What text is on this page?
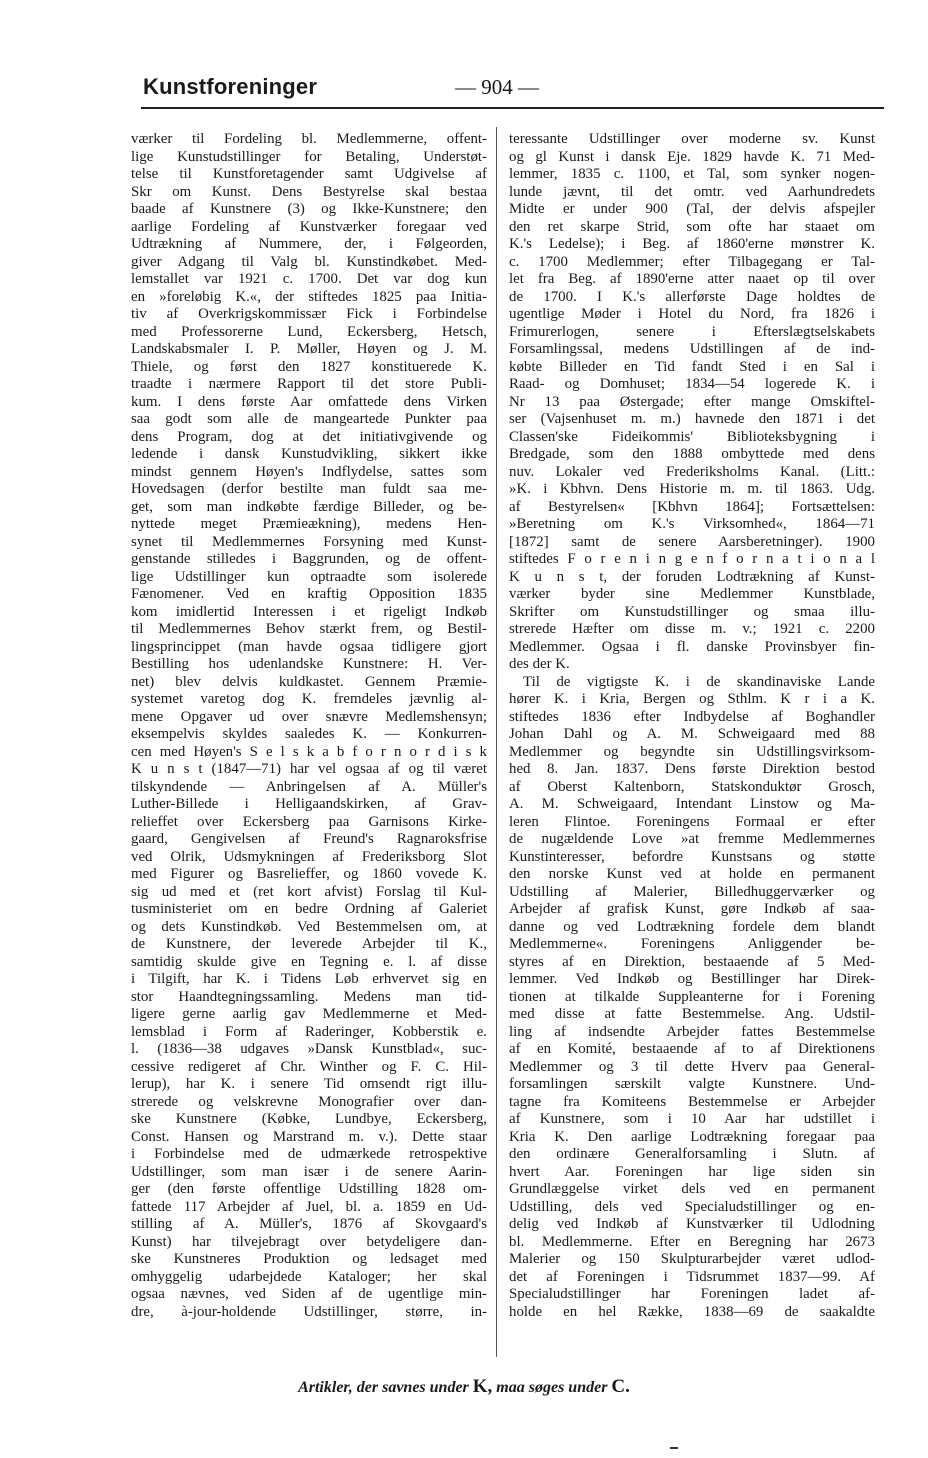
Kunstforeninger	— 904 —
værker til Fordeling bl. Medlemmerne, offent-
lige Kunstudstillinger for Betaling, Understøt-
telse til Kunstforetagender samt Udgivelse af
Skr om Kunst. Dens Bestyrelse skal bestaa
baade af Kunstnere (3) og Ikke-Kunstnere; den
aarlige Fordeling af Kunstværker foregaar ved
Udtrækning af Nummere, der, i Følgeorden,
giver Adgang til Valg bl. Kunstindkøbet. Med-
lemstallet var 1921 c. 1700. Det var dog kun
en »foreløbig K.«, der stiftedes 1825 paa Initia-
tiv af Overkrigskommissær Fick i Forbindelse
med Professorerne Lund, Eckersberg, Hetsch,
Landskabsmaler I. P. Møller, Høyen og J. M.
Thiele, og først den 1827 konstituerede K.
traadte i nærmere Rapport til det store Publi-
kum. I dens første Aar omfattede dens Virken
saa godt som alle de mangeartede Punkter paa
dens Program, dog at det initiativgivende og
ledende i dansk Kunstudvikling, sikkert ikke
mindst gennem Høyen's Indflydelse, sattes som
Hovedsagen (derfor bestilte man fuldt saa me-
get, som man indkøbte færdige Billeder, og be-
nyttede meget Præmieækning), medens Hen-
synet til Medlemmernes Forsyning med Kunst-
genstande stilledes i Baggrunden, og de offent-
lige Udstillinger kun optraadte som isolerede
Fænomener. Ved en kraftig Opposition 1835
kom imidlertid Interessen i et rigeligt Indkøb
til Medlemmernes Behov stærkt frem, og Bestil-
lingsprincippet (man havde ogsaa tidligere gjort
Bestilling hos udenlandske Kunstnere: H. Ver-
net) blev delvis kuldkastet. Gennem Præmie-
systemet varetog dog K. fremdeles jævnlig al-
mene Opgaver ud over snævre Medlemshensyn;
eksempelvis skyldes saaledes K. — Konkurren-
cen med Høyen's S e l s k a b f o r n o r d i s k
K u n s t (1847—71) har vel ogsaa af og til været
tilskyndende — Anbringelsen af A. Müller's
Luther-Billede i Helligaandskirken, af Grav-
relieffet over Eckersberg paa Garnisons Kirke-
gaard, Gengivelsen af Freund's Ragnaroksfrise
ved Olrik, Udsmykningen af Frederiksborg Slot
med Figurer og Basrelieffer, og 1860 vovede K.
sig ud med et (ret kort afvist) Forslag til Kul-
tusministeriet om en bedre Ordning af Galeriet
og dets Kunstindkøb. Ved Bestemmelsen om, at
de Kunstnere, der leverede Arbejder til K.,
samtidig skulde give en Tegning e. l. af disse
i Tilgift, har K. i Tidens Løb erhvervet sig en
stor Haandtegningssamling. Medens man tid-
ligere gerne aarlig gav Medlemmerne et Med-
lemsblad i Form af Raderinger, Kobberstik e.
l. (1836—38 udgaves »Dansk Kunstblad«, suc-
cessive redigeret af Chr. Winther og F. C. Hil-
lerup), har K. i senere Tid omsendt rigt illu-
strerede og velskrevne Monografier over dan-
ske Kunstnere (Købke, Lundbye, Eckersberg,
Const. Hansen og Marstrand m. v.). Dette staar
i Forbindelse med de udmærkede retrospektive
Udstillinger, som man især i de senere Aarin-
ger (den første offentlige Udstilling 1828 om-
fattede 117 Arbejder af Juel, bl. a. 1859 en Ud-
stilling af A. Müller's, 1876 af Skovgaard's
Kunst) har tilvejebragt over betydeligere dan-
ske Kunstneres Produktion og ledsaget med
omhyggelig udarbejdede Kataloger; her skal
ogsaa nævnes, ved Siden af de ugentlige min-
dre, à-jour-holdende Udstillinger, større, in-
teressante Udstillinger over moderne sv. Kunst
og gl Kunst i dansk Eje. 1829 havde K. 71 Med-
lemmer, 1835 c. 1100, et Tal, som synker nogen-
lunde jævnt, til det omtr. ved Aarhundredets
Midte er under 900 (Tal, der delvis afspejler
den ret skarpe Strid, som ofte har staaet om
K.'s Ledelse); i Beg. af 1860'erne mønstrer K.
c. 1700 Medlemmer; efter Tilbagegang er Tal-
let fra Beg. af 1890'erne atter naaet op til over
de 1700. I K.'s allerførste Dage holdtes de
ugentlige Møder i Hotel du Nord, fra 1826 i
Frimurerlogen, senere i Efterslægtselskabets
Forsamlingssal, medens Udstillingen af de ind-
købte Billeder en Tid fandt Sted i en Sal i
Raad- og Domhuset; 1834—54 logerede K. i
Nr 13 paa Østergade; efter mange Omskiftel-
ser (Vajsenhuset m. m.) havnede den 1871 i det
Classen'ske Fideikommis' Biblioteksbygning i
Bredgade, som den 1888 ombyttede med dens
nuv. Lokaler ved Frederiksholms Kanal. (Litt.:
»K. i Kbhvn. Dens Historie m. m. til 1863. Udg.
af Bestyrelsen« [Kbhvn 1864]; Fortsættelsen:
»Beretning om K.'s Virksomhed«, 1864—71
[1872] samt de senere Aarsberetninger). 1900
stiftedes F o r e n i n g e n f o r n a t i o n a l
K u n s t, der foruden Lodtrækning af Kunst-
værker byder sine Medlemmer Kunstblade,
Skrifter om Kunstudstillinger og smaa illu-
strerede Hæfter om disse m. v.; 1921 c. 2200
Medlemmer. Ogsaa i fl. danske Provinsbyer fin-
des der K.
Til de vigtigste K. i de skandinaviske Lande
hører K. i Kria, Bergen og Sthlm. K r i a K.
stiftedes 1836 efter Indbydelse af Boghandler
Johan Dahl og A. M. Schweigaard med 88
Medlemmer og begyndte sin Udstillingsvirksom-
hed 8. Jan. 1837. Dens første Direktion bestod
af Oberst Kaltenborn, Statskonduktør Grosch,
A. M. Schweigaard, Intendant Linstow og Ma-
leren Flintoe. Foreningens Formaal er efter
de nugældende Love »at fremme Medlemmernes
Kunstinteresser, befordre Kunstsans og støtte
den norske Kunst ved at holde en permanent
Udstilling af Malerier, Billedhuggerværker og
Arbejder af grafisk Kunst, gøre Indkøb af saa-
danne og ved Lodtrækning fordele dem blandt
Medlemmerne«. Foreningens Anliggender be-
styres af en Direktion, bestaaende af 5 Med-
lemmer. Ved Indkøb og Bestillinger har Direk-
tionen at tilkalde Suppleanterne for i Forening
med disse at fatte Bestemmelse. Ang. Udstil-
ling af indsendte Arbejder fattes Bestemmelse
af en Komité, bestaaende af to af Direktionens
Medlemmer og 3 til dette Hverv paa General-
forsamlingen særskilt valgte Kunstnere. Und-
tagne fra Komiteens Bestemmelse er Arbejder
af Kunstnere, som i 10 Aar har udstillet i
Kria K. Den aarlige Lodtrækning foregaar paa
den ordinære Generalforsamling i Slutn. af
hvert Aar. Foreningen har lige siden sin
Grundlæggelse virket dels ved en permanent
Udstilling, dels ved Specialudstillinger og en-
delig ved Indkøb af Kunstværker til Udlodning
bl. Medlemmerne. Efter en Beregning har 2673
Malerier og 150 Skulpturarbejder været udlod-
det af Foreningen i Tidsrummet 1837—99. Af
Specialudstillinger har Foreningen ladet af-
holde en hel Række, 1838—69 de saakaldte
Artikler, der savnes under K, maa søges under C.
